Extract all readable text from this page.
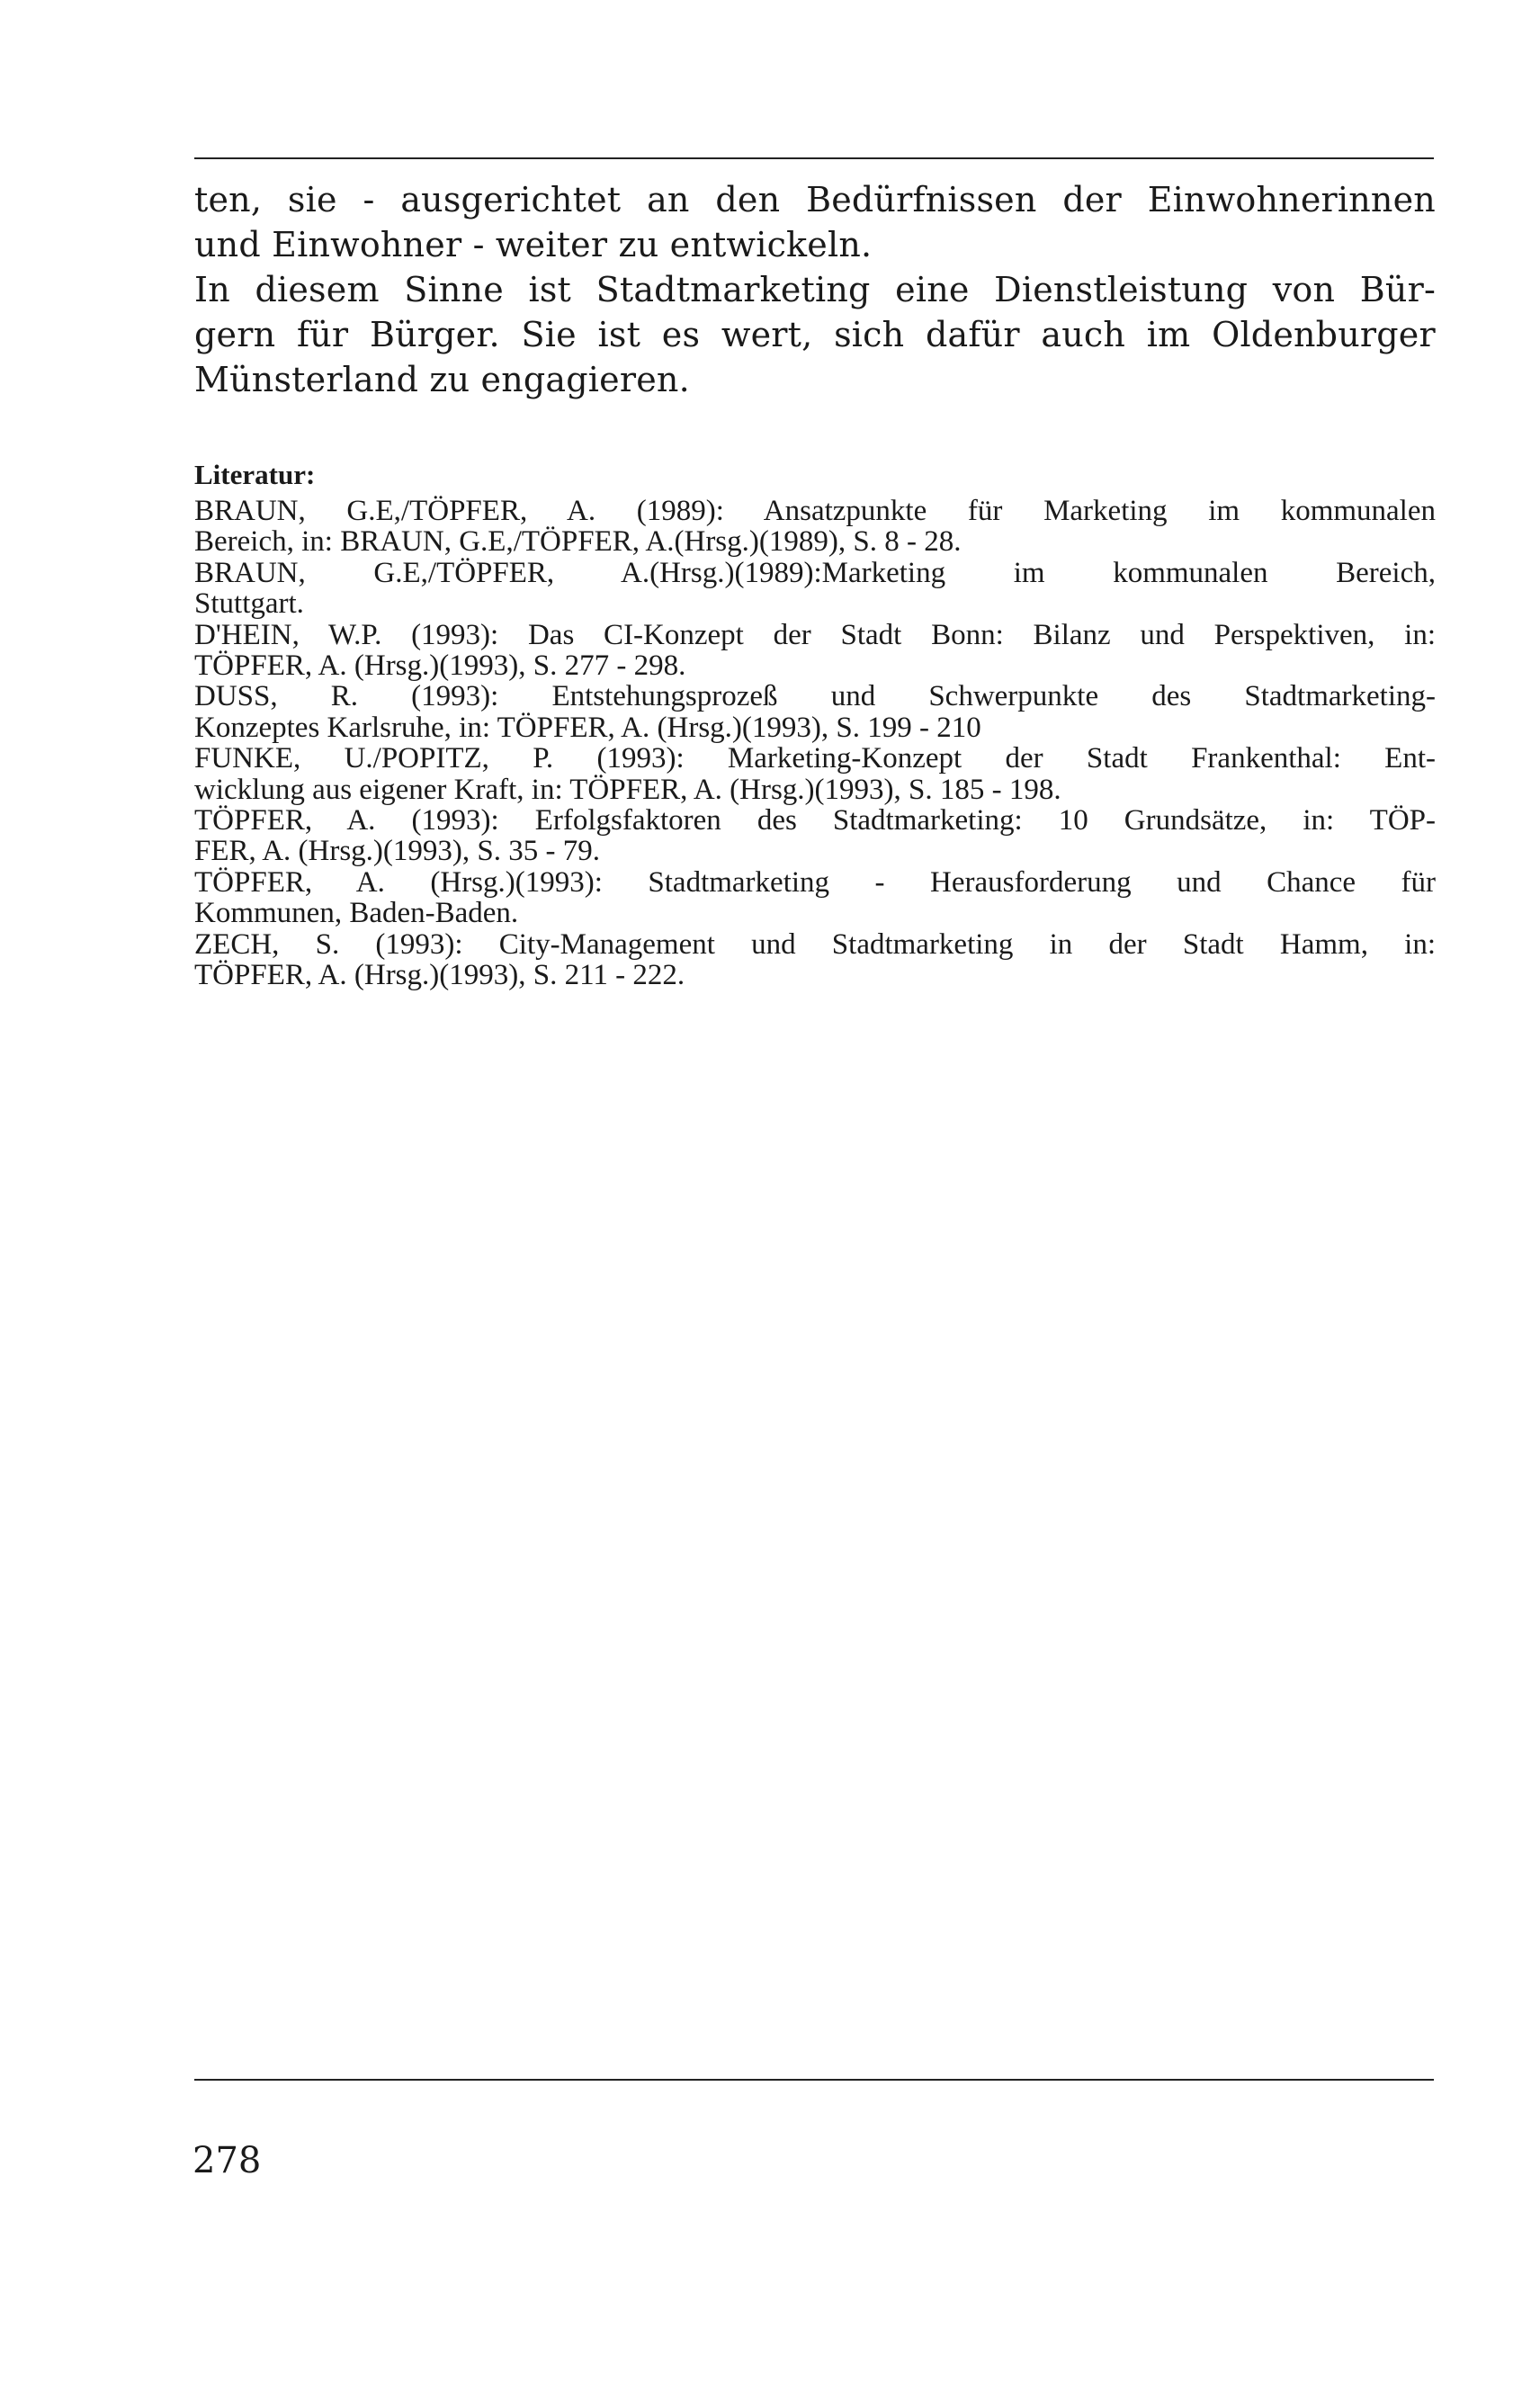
ten, sie - ausgerichtet an den Bedürfnissen der Einwohnerinnen
und Einwohner - weiter zu entwickeln.
In diesem Sinne ist Stadtmarketing eine Dienstleistung von Bür-
gern für Bürger. Sie ist es wert, sich dafür auch im Oldenburger
Münsterland zu engagieren.
Literatur:
BRAUN, G.E,/TÖPFER, A. (1989): Ansatzpunkte für Marketing im kommunalen
Bereich, in: BRAUN, G.E,/TÖPFER, A.(Hrsg.)(1989), S. 8 - 28.
BRAUN, G.E,/TÖPFER, A.(Hrsg.)(1989):Marketing im kommunalen Bereich,
Stuttgart.
D'HEIN, W.P. (1993): Das CI-Konzept der Stadt Bonn: Bilanz und Perspektiven, in:
TÖPFER, A. (Hrsg.)(1993), S. 277 - 298.
DUSS, R. (1993): Entstehungsprozeß und Schwerpunkte des Stadtmarketing-
Konzeptes Karlsruhe, in: TÖPFER, A. (Hrsg.)(1993), S. 199 - 210
FUNKE, U./POPITZ, P. (1993): Marketing-Konzept der Stadt Frankenthal: Ent-
wicklung aus eigener Kraft, in: TÖPFER, A. (Hrsg.)(1993), S. 185 - 198.
TÖPFER, A. (1993): Erfolgsfaktoren des Stadtmarketing: 10 Grundsätze, in: TÖP-
FER, A. (Hrsg.)(1993), S. 35 - 79.
TÖPFER, A. (Hrsg.)(1993): Stadtmarketing - Herausforderung und Chance für
Kommunen, Baden-Baden.
ZECH, S. (1993): City-Management und Stadtmarketing in der Stadt Hamm, in:
TÖPFER, A. (Hrsg.)(1993), S. 211 - 222.
278
